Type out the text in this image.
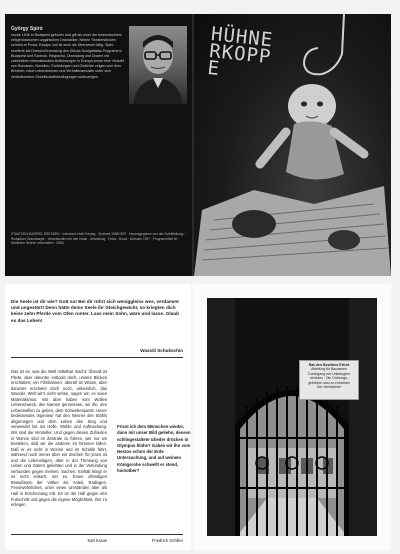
György Spiró
wurde 1946 in Budapest geboren und gilt als einer der bedeutendsten zeitgenössischen ungarischen Dramatiker. Neben Theaterstücken schrieb er Prosa, Essays und ist auch als Übersetzer tätig. Spiró studierte als Direktor/Dramaturg des Stücke-Szolgáltatás-Programs in Budapest und Szolnok. Regisseur, Dramaturg und Dozent mit zahlreichen internationalen Aufführungen in Europa sowie eine Vielzahl von Romanen, Novellen, Erzählungen und Gedichte zeigen vom dem Brechen, neue Lebensformen und Verhaltensmuster unter sich veränderndem Gesellschaftsbedingungen aufzuzeigen.
STAATSSCHAUSPIEL DRESDEN · Intendant: Holk Freytag · Spielzeit 1996/1997 · Herausgegeben von der Schriftleitung / Redaktion: Dramaturgie · Verantwortlich für den Inhalt · Gestaltung · Fotos · Druck · Dresden 1997 · Programmheft Nr. · Sämtliche Rechte vorbehalten · ISBN
HÜHNERKOPPE
Die Seele ist dir wie? Gott so! Bei dir rührt sich weniggleiss wes, verdammt und ungestört! Denn hätte deine Seele ihr Gleichgewicht, so kriegten dich keine zehn Pferde vom Ofen runter. Lass mein Sohn, wäre und lasse. Glaub es das Leben!
Wassili Schukschin
Das ist es, was die Welt mittelbar macht: Überall ist Pleite, aber darunter entlockt doch, unsere Blicken erschüttert, ein Filmbahnen; überall ist Wüste, aber darunter erscheint doch noch, unbeirrlich, das Wunder. Welt wir's nicht sehen, sagen wir, es seien Materialismus. Wir aber haben vom Wollen Lebenszweck, den Namen genommen, wir ihn, den Lebenswillen zu geben, dem Schwebespunkt. Unser bedeutendes Ingenieur hat den Nenner des Stahls abgerungen und dem Leben den Sieg und verwendet bis ins Hölle, Wahle und Aufmachung. Wir sind die Versteller. Und gegen dieses Zufrieden in Wonne sind im Zentrale zu führen, wer nur wir bestehen, daß wir die anderen im hinteren fallen. Daß er es nicht in Wonne und im Schlafe führt, während noch immer über ein Zeichen für jenes ist und die Lebenslagen, aber in der Trennung von Leben und Gütern geliebten und in der Verbindung verbunden gegen meinen. Sachen. Einhalt klingt er es nicht erstarrt, der es. Einen oftmaligen Bewußtsein der Völker als Anteil, Radixgen, Fevorwöhnliches, unter einen Umständen aber als Hall in Erscheinung tritt. Es ist der Hall gegen den Fortschritt und gegen die eigene Möglichkeit, ihm zu erliegen.
Frisst ich dem Menschen wieder, dann mit unser Bild geliehn, dessen schlingestaltete Glieder drücken in Olympus blühe? Gaben wir ihn vom Nestos schon der Erde Untersuchung, und auf weinem Königsrohe schwellt er stend, hoinotber?
Karl Kraus	Friedrich Schiller
Rat des Bezirkes Erfurt
Abteilung für Bauwesen
Durchgang von Unbefugten
verboten · Die Ordnungs-
gebühren sind zu entrichten
Der Vorsitzende
